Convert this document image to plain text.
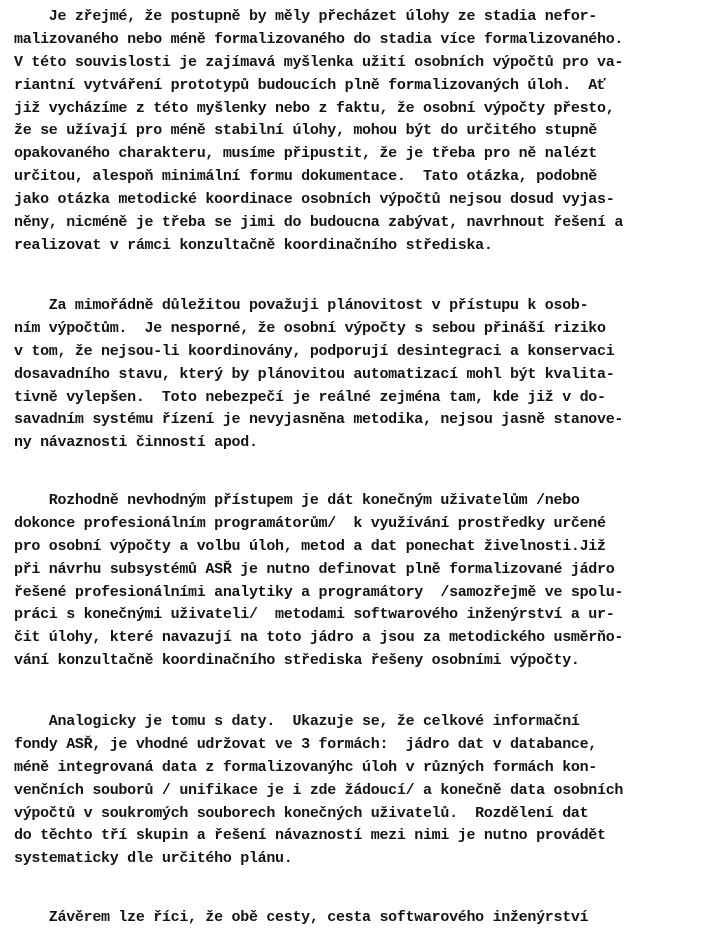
Je zřejmé, že postupně by měly přecházet úlohy ze stadia nefor-
malizovaného nebo méně formalizovaného do stadia více formalizovaného.
V této souvislosti je zajímavá myšlenka užití osobních výpočtů pro va-
riantní vytváření prototypů budoucích plně formalizovaných úloh.  Ať
již vycházíme z této myšlenky nebo z faktu, že osobní výpočty přesto,
že se užívají pro méně stabilní úlohy, mohou být do určitého stupně
opakovaného charakteru, musíme připustit, že je třeba pro ně nalézt
určitou, alespoň minimální formu dokumentace.  Tato otázka, podobně
jako otázka metodické koordinace osobních výpočtů nejsou dosud vyjas-
něny, nicméně je třeba se jimi do budoucna zabývat, navrhnout řešení a
realizovat v rámci konzultačně koordinačního střediska.
Za mimořádně důležitou považuji plánovitost v přístupu k osob-
ním výpočtům.  Je nesporné, že osobní výpočty s sebou přináší riziko
v tom, že nejsou-li koordinovány, podporují desintegraci a konservaci
dosavadního stavu, který by plánovitou automatizací mohl být kvalita-
tivně vylepšen.  Toto nebezpečí je reálné zejména tam, kde již v do-
savadním systému řízení je nevyjasněna metodika, nejsou jasně stanove-
ny návaznosti činností apod.
Rozhodně nevhodným přístupem je dát konečným uživatelům /nebo
dokonce profesionálním programátorům/  k využívání prostředky určené
pro osobní výpočty a volbu úloh, metod a dat ponechat živelnosti.Již
při návrhu subsystémů ASŘ je nutno definovat plně formalizované jádro
řešené profesionálními analytiky a programátory  /samozřejmě ve spolu-
práci s konečnými uživateli/  metodami softwarového inženýrství a ur-
čit úlohy, které navazují na toto jádro a jsou za metodického usměrňo-
vání konzultačně koordinačního střediska řešeny osobními výpočty.
Analogicky je tomu s daty.  Ukazuje se, že celkové informační
fondy ASŘ, je vhodné udržovat ve 3 formách:  jádro dat v databance,
méně integrovaná data z formalizovanýhc úloh v různých formách kon-
venčních souborů / unifikace je i zde žádoucí/ a konečně data osobních
výpočtů v soukromých souborech konečných uživatelů.  Rozdělení dat
do těchto tří skupin a řešení návazností mezi nimi je nutno provádět
systematicky dle určitého plánu.
Závěrem lze říci, že obě cesty, cesta softwarového inženýrství
